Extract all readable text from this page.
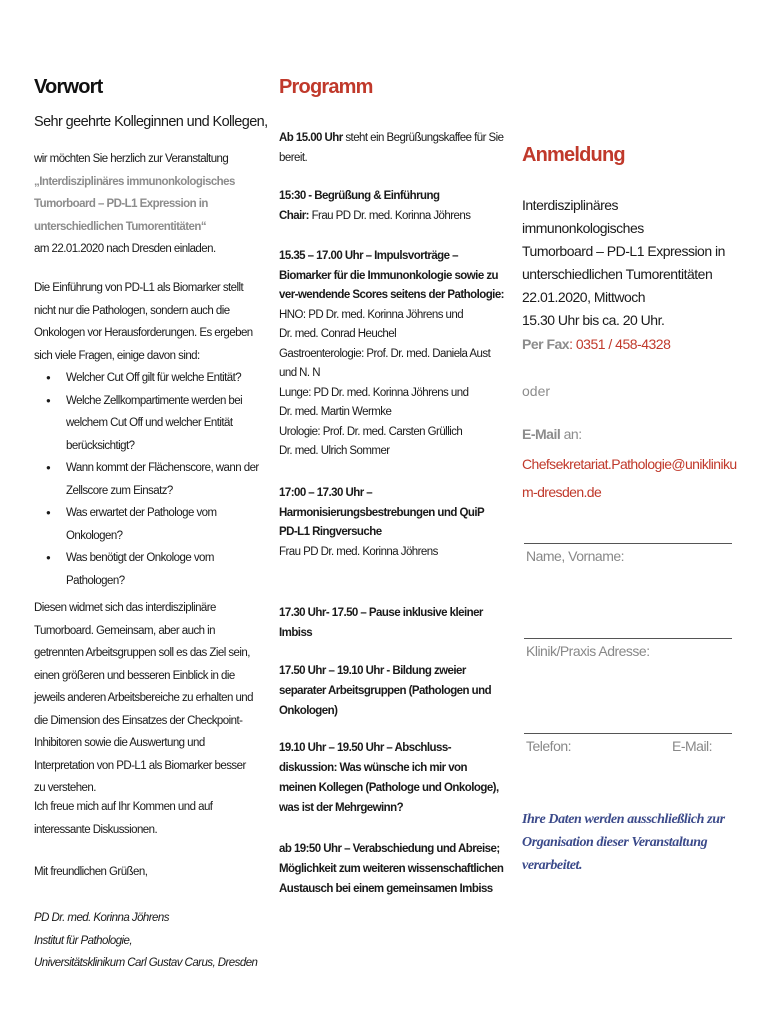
Vorwort
Sehr geehrte Kolleginnen und Kollegen,

wir möchten Sie herzlich zur Veranstaltung

„Interdisziplinäres immunonkologisches Tumorboard – PD-L1 Expression in unterschiedlichen Tumorentitäten“

am 22.01.2020 nach Dresden einladen.

Die Einführung von PD-L1 als Biomarker stellt nicht nur die Pathologen, sondern auch die Onkologen vor Herausforderungen. Es ergeben sich viele Fragen, einige davon sind:

● Welcher Cut Off gilt für welche Entität?
● Welche Zellkompartimente werden bei welchem Cut Off und welcher Entität berücksichtigt?
● Wann kommt der Flächenscore, wann der Zellscore zum Einsatz?
● Was erwartet der Pathologe vom Onkologen?
● Was benötigt der Onkologe vom Pathologen?
Diesen widmet sich das interdisziplinäre Tumorboard. Gemeinsam, aber auch in getrennten Arbeitsgruppen soll es das Ziel sein, einen größeren und besseren Einblick in die jeweils anderen Arbeitsbereiche zu erhalten und die Dimension des Einsatzes der Checkpoint-Inhibitoren sowie die Auswertung und Interpretation von PD-L1 als Biomarker besser zu verstehen.
Ich freue mich auf Ihr Kommen und auf interessante Diskussionen.
Mit freundlichen Grüßen,

PD Dr. med. Korinna Jöhrens

Institut für Pathologie,

Universitätsklinikum Carl Gustav Carus, Dresden

Programm
Ab 15.00 Uhr steht ein Begrüßungskaffee für Sie bereit.

15:30 - Begrüßung & Einführung

Chair: Frau PD Dr. med. Korinna Jöhrens

15.35 – 17.00 Uhr – Impulsvorträge – Biomarker für die Immunonkologie sowie zu ver-wendende Scores seitens der Pathologie:

HNO: PD Dr. med. Korinna Jöhrens und

Dr. med. Conrad Heuchel

Gastroenterologie: Prof. Dr. med. Daniela Aust

und N. N

Lunge: PD Dr. med. Korinna Jöhrens und

Dr. med. Martin Wermke

Urologie: Prof. Dr. med. Carsten Grüllich

Dr. med. Ulrich Sommer

17:00 – 17.30 Uhr – Harmonisierungsbestrebungen und QuiP PD-L1 Ringversuche

Frau PD Dr. med. Korinna Jöhrens

17.30 Uhr- 17.50 – Pause inklusive kleiner Imbiss

17.50 Uhr – 19.10 Uhr - Bildung zweier separater Arbeitsgruppen (Pathologen und Onkologen)

19.10 Uhr – 19.50 Uhr – Abschluss-diskussion: Was wünsche ich mir von meinen Kollegen (Pathologe und Onkologe), was ist der Mehrgewinn?

ab 19:50 Uhr – Verabschiedung und Abreise; Möglichkeit zum weiteren wissenschaftlichen Austausch bei einem gemeinsamen Imbiss

Anmeldung

Interdisziplinäres immunonkologisches

Tumorboard – PD-L1 Expression in

unterschiedlichen Tumorentitäten

22.01.2020, Mittwoch

15.30 Uhr bis ca. 20 Uhr.

Per Fax: 0351 / 458-4328
oder
E-Mail an:
Chefsekretariat.Pathologie@uniklinikum-dresden.de
Name, Vorname:
Klinik/Praxis Adresse:
Telefon:	E-Mail:
Ihre Daten werden ausschließlich zur Organisation dieser Veranstaltung verarbeitet.
